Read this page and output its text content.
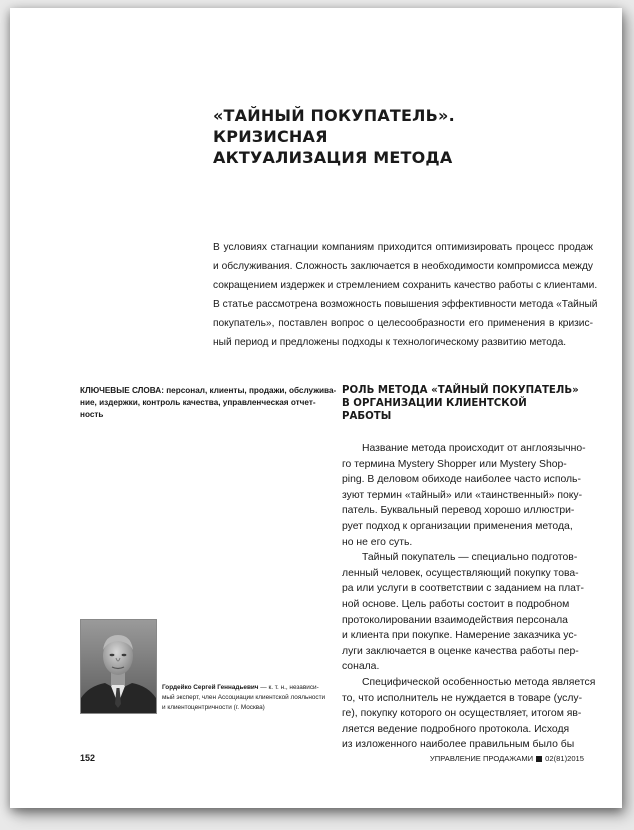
«ТАЙНЫЙ ПОКУПАТЕЛЬ». КРИЗИСНАЯ
АКТУАЛИЗАЦИЯ МЕТОДА
В условиях стагнации компаниям приходится оптимизировать процесс продаж
и обслуживания. Сложность заключается в необходимости компромисса между
сокращением издержек и стремлением сохранить качество работы с клиентами.
В статье рассмотрена возможность повышения эффективности метода «Тайный
покупатель», поставлен вопрос о целесообразности его применения в кризис-
ный период и предложены подходы к технологическому развитию метода.
КЛЮЧЕВЫЕ СЛОВА: персонал, клиенты, продажи, обслужива-
ние, издержки, контроль качества, управленческая отчет-
ность
РОЛЬ МЕТОДА «ТАЙНЫЙ ПОКУПАТЕЛЬ»
В ОРГАНИЗАЦИИ КЛИЕНТСКОЙ
РАБОТЫ
Название метода происходит от англоязычно-
го термина Mystery Shopper или Mystery Shop-
ping. В деловом обиходе наиболее часто исполь-
зуют термин «тайный» или «таинственный» поку-
патель. Буквальный перевод хорошо иллюстри-
рует подход к организации применения метода,
но не его суть.
Тайный покупатель — специально подготов-
ленный человек, осуществляющий покупку това-
ра или услуги в соответствии с заданием на плат-
ной основе. Цель работы состоит в подробном
протоколировании взаимодействия персонала
и клиента при покупке. Намерение заказчика ус-
луги заключается в оценке качества работы пер-
сонала.
Специфической особенностью метода является
то, что исполнитель не нуждается в товаре (услу-
ге), покупку которого он осуществляет, итогом яв-
ляется ведение подробного протокола. Исходя
из изложенного наиболее правильным было бы
Гордейко Сергей Геннадьевич — к. т. н., независи-
мый эксперт, член Ассоциации клиентской лояльности
и клиентоцентричности (г. Москва)
152	УПРАВЛЕНИЕ ПРОДАЖАМИ 02(81)2015
